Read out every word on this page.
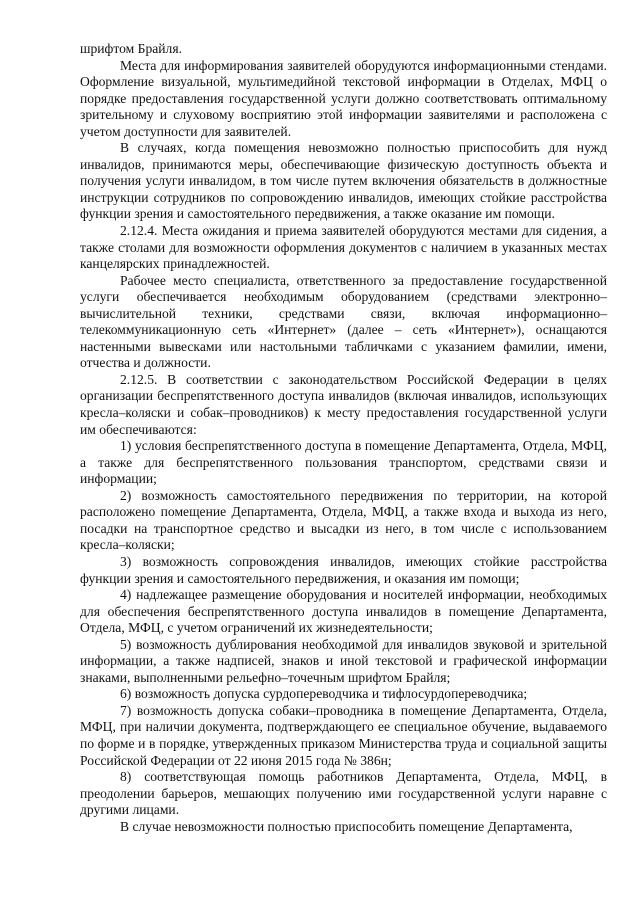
шрифтом Брайля.

Места для информирования заявителей оборудуются информационными стендами. Оформление визуальной, мультимедийной текстовой информации в Отделах, МФЦ о порядке предоставления государственной услуги должно соответствовать оптимальному зрительному и слуховому восприятию этой информации заявителями и расположена с учетом доступности для заявителей.

В случаях, когда помещения невозможно полностью приспособить для нужд инвалидов, принимаются меры, обеспечивающие физическую доступность объекта и получения услуги инвалидом, в том числе путем включения обязательств в должностные инструкции сотрудников по сопровождению инвалидов, имеющих стойкие расстройства функции зрения и самостоятельного передвижения, а также оказание им помощи.

2.12.4. Места ожидания и приема заявителей оборудуются местами для сидения, а также столами для возможности оформления документов с наличием в указанных местах канцелярских принадлежностей.

Рабочее место специалиста, ответственного за предоставление государственной услуги обеспечивается необходимым оборудованием (средствами электронно–вычислительной техники, средствами связи, включая информационно–телекоммуникационную сеть «Интернет» (далее – сеть «Интернет»), оснащаются настенными вывесками или настольными табличками с указанием фамилии, имени, отчества и должности.

2.12.5. В соответствии с законодательством Российской Федерации в целях организации беспрепятственного доступа инвалидов (включая инвалидов, использующих кресла–коляски и собак–проводников) к месту предоставления государственной услуги им обеспечиваются:

1) условия беспрепятственного доступа в помещение Департамента, Отдела, МФЦ, а также для беспрепятственного пользования транспортом, средствами связи и информации;

2) возможность самостоятельного передвижения по территории, на которой расположено помещение Департамента, Отдела, МФЦ, а также входа и выхода из него, посадки на транспортное средство и высадки из него, в том числе с использованием кресла–коляски;

3) возможность сопровождения инвалидов, имеющих стойкие расстройства функции зрения и самостоятельного передвижения, и оказания им помощи;

4) надлежащее размещение оборудования и носителей информации, необходимых для обеспечения беспрепятственного доступа инвалидов в помещение Департамента, Отдела, МФЦ, с учетом ограничений их жизнедеятельности;

5) возможность дублирования необходимой для инвалидов звуковой и зрительной информации, а также надписей, знаков и иной текстовой и графической информации знаками, выполненными рельефно–точечным шрифтом Брайля;

6) возможность допуска сурдопереводчика и тифлосурдопереводчика;

7) возможность допуска собаки–проводника в помещение Департамента, Отдела, МФЦ, при наличии документа, подтверждающего ее специальное обучение, выдаваемого по форме и в порядке, утвержденных приказом Министерства труда и социальной защиты Российской Федерации от 22 июня 2015 года № 386н;

8) соответствующая помощь работников Департамента, Отдела, МФЦ, в преодолении барьеров, мешающих получению ими государственной услуги наравне с другими лицами.

В случае невозможности полностью приспособить помещение Департамента,
